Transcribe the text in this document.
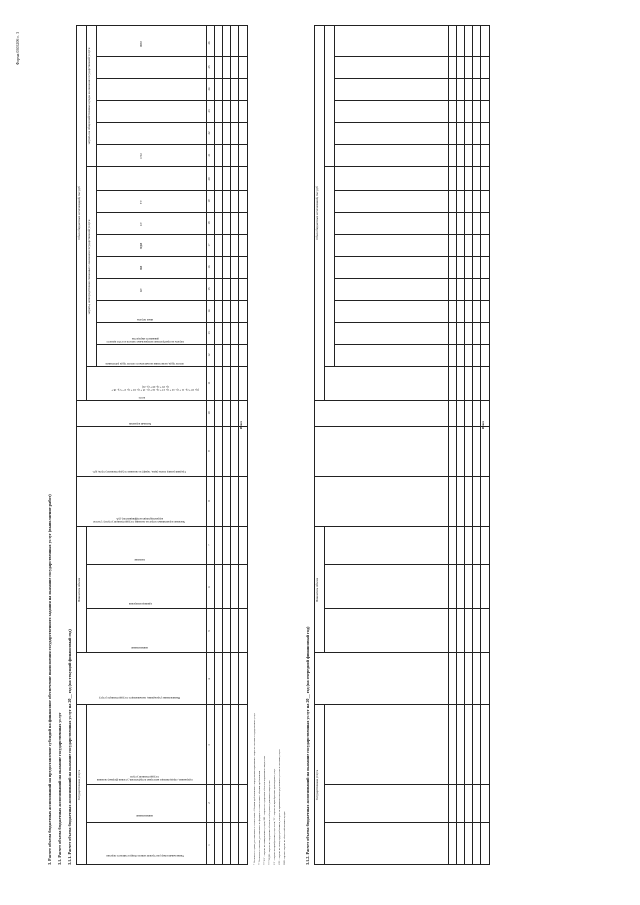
Форма 0505206 с. 3
3. Расчет объема бюджетных ассигнований на предоставление субсидий на финансовое обеспечение выполнения государственного задания на оказание государственных услуг (выполнение работ) 3.1. Расчет объема бюджетных ассигнований на оказание государственных услуг 3.1.1. Расчет объема бюджетных ассигнований на оказание государственных услуг на 20__ год (на текущий финансовый год) Государственная услуга
Уникальный номер реестровой записи общероссийского перечня
наименование
содержание, определяющее категорию потребителей, условия (формы) оказания государственной услуги
Наименование учреждения, оказывающего государственную услугу
Показатель объема
наименование
единица измерения
значение
Значение нормативных затрат на оказание государственной услуги (с учетом корректирующих коэффициентов), руб.
Средний размер платы (цена, тариф) за оказание государственной услуги, руб.
Базовый норматив
Объем бюджетных ассигнований, тыс руб
всего
(гр. 10 + гр. 11 + гр. 12 + гр. 13 + гр. 14 + гр. 15 + гр. 16 + гр. 17 + гр. 18 + гр. 19 + гр. 20 + гр. 21)
затраты, непосредственно связанные с оказанием государственной услуги
затраты на общехозяйственные нужды на оказание государственной услуги
оплата труда, начисления на выплаты по оплате труда работников
затраты на приобретение материальных запасов и особо ценного движимого имущества
иные затраты
КУ
НИ
НДИ
СУ
ТУ
ОТ2
ПНЗ
1
2
3
4
5
6
7
8
9
10
11
12
13
14
15
16
17
18
19
20
21
22
23
24
25
26
Итого
* Указывается сумма, рассчитанная в соответствии с Общими требованиями к определению нормативных затрат на оказание государственных услуг ** Указывается значение, рассчитанное по формуле в соответствии с общими требованиями *** КУ - затраты на коммунальные услуги; НИ - затраты на содержание объектов недвижимого имущества **** НДИ - затраты на содержание объектов особо ценного движимого имущества СУ - затраты на приобретение услуг связи; ТУ - затраты на приобретение транспортных услуг ОТ2 - затраты на оплату труда работников, которые не принимают непосредственного участия в оказании услуги ПНЗ - прочие затраты на общехозяйственные нужды	3.1.2. Расчет объема бюджетных ассигнований на оказание государственных услуг на 20__ год (на очередной финансовый год) Государственная услуга
Показатель объема
Объем бюджетных ассигнований, тыс руб
Итого
